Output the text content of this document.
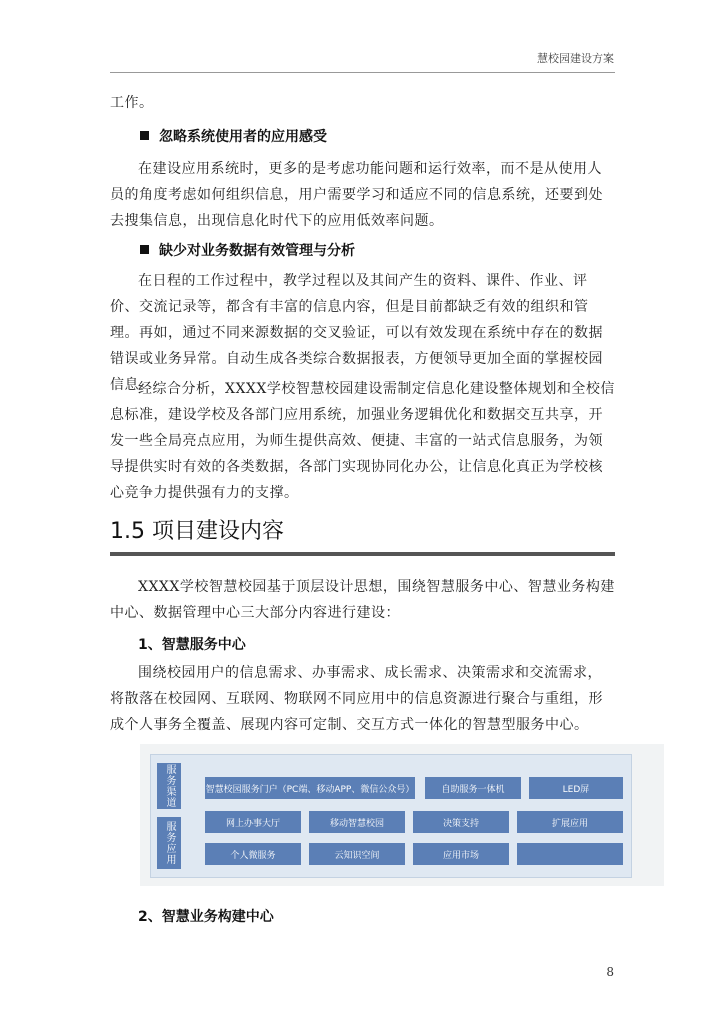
慧校园建设方案
工作。
忽略系统使用者的应用感受
在建设应用系统时，更多的是考虑功能问题和运行效率，而不是从使用人员的角度考虑如何组织信息，用户需要学习和适应不同的信息系统，还要到处去搜集信息，出现信息化时代下的应用低效率问题。
缺少对业务数据有效管理与分析
在日程的工作过程中，教学过程以及其间产生的资料、课件、作业、评价、交流记录等，都含有丰富的信息内容，但是目前都缺乏有效的组织和管理。再如，通过不同来源数据的交叉验证，可以有效发现在系统中存在的数据错误或业务异常。自动生成各类综合数据报表，方便领导更加全面的掌握校园信息。
经综合分析，XXXX学校智慧校园建设需制定信息化建设整体规划和全校信息标准，建设学校及各部门应用系统，加强业务逻辑优化和数据交互共享，开发一些全局亮点应用，为师生提供高效、便捷、丰富的一站式信息服务，为领导提供实时有效的各类数据，各部门实现协同化办公，让信息化真正为学校核心竞争力提供强有力的支撑。
1.5 项目建设内容
XXXX学校智慧校园基于顶层设计思想，围绕智慧服务中心、智慧业务构建中心、数据管理中心三大部分内容进行建设：
1、智慧服务中心
围绕校园用户的信息需求、办事需求、成长需求、决策需求和交流需求，将散落在校园网、互联网、物联网不同应用中的信息资源进行聚合与重组，形成个人事务全覆盖、展现内容可定制、交互方式一体化的智慧型服务中心。
服务渠道
服务应用
智慧校园服务门户（PC端、移动APP、微信公众号）	自助服务一体机	LED屏
网上办事大厅	移动智慧校园	决策支持	扩展应用
个人微服务	云知识空间	应用市场
2、智慧业务构建中心
8
